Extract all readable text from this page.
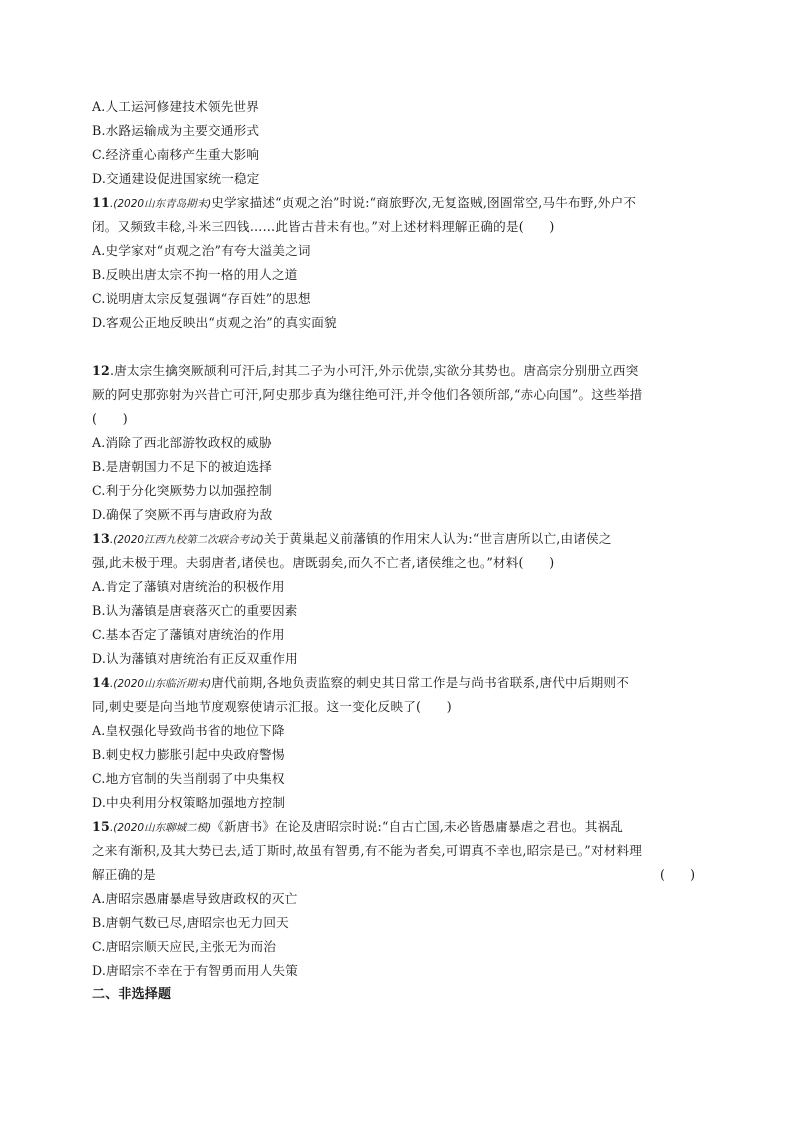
A.人工运河修建技术领先世界
B.水路运输成为主要交通形式
C.经济重心南移产生重大影响
D.交通建设促进国家统一稳定
11.(2020山东青岛期末)史学家描述“贞观之治”时说:“商旅野次,无复盗贼,囹圄常空,马牛布野,外户不
闭。又频致丰稔,斗米三四钱……此皆古昔未有也。”对上述材料理解正确的是(　　)
A.史学家对“贞观之治”有夸大溢美之词
B.反映出唐太宗不拘一格的用人之道
C.说明唐太宗反复强调“存百姓”的思想
D.客观公正地反映出“贞观之治”的真实面貌
12.唐太宗生擒突厥颉利可汗后,封其二子为小可汗,外示优崇,实欲分其势也。唐高宗分别册立西突
厥的阿史那弥射为兴昔亡可汗,阿史那步真为继往绝可汗,并令他们各领所部,“赤心向国”。这些举措
(　　)
A.消除了西北部游牧政权的威胁
B.是唐朝国力不足下的被迫选择
C.利于分化突厥势力以加强控制
D.确保了突厥不再与唐政府为敌
13.(2020江西九校第二次联合考试)关于黄巢起义前藩镇的作用宋人认为:“世言唐所以亡,由诸侯之
强,此未极于理。夫弱唐者,诸侯也。唐既弱矣,而久不亡者,诸侯维之也。”材料(　　)
A.肯定了藩镇对唐统治的积极作用
B.认为藩镇是唐衰落灭亡的重要因素
C.基本否定了藩镇对唐统治的作用
D.认为藩镇对唐统治有正反双重作用
14.(2020山东临沂期末)唐代前期,各地负责监察的刺史其日常工作是与尚书省联系,唐代中后期则不
同,刺史要是向当地节度观察使请示汇报。这一变化反映了(　　)
A.皇权强化导致尚书省的地位下降
B.刺史权力膨胀引起中央政府警惕
C.地方官制的失当削弱了中央集权
D.中央利用分权策略加强地方控制
15.(2020山东聊城二模)《新唐书》在论及唐昭宗时说:“自古亡国,未必皆愚庸暴虐之君也。其祸乱
之来有渐积,及其大势已去,适丁斯时,故虽有智勇,有不能为者矣,可谓真不幸也,昭宗是已。”对材料理
解正确的是	(　　)
A.唐昭宗愚庸暴虐导致唐政权的灭亡
B.唐朝气数已尽,唐昭宗也无力回天
C.唐昭宗顺天应民,主张无为而治
D.唐昭宗不幸在于有智勇而用人失策
二、非选择题
